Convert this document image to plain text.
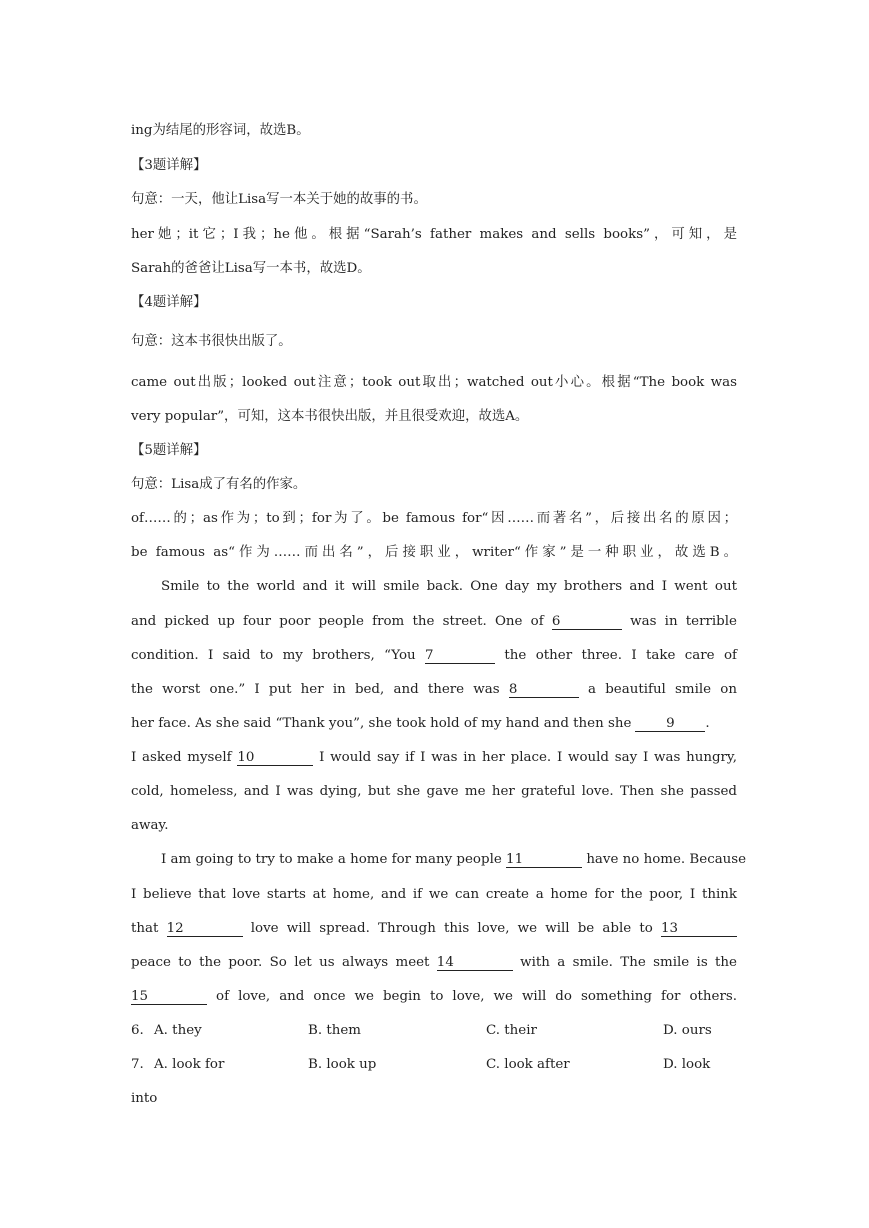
ing为结尾的形容词，故选B。
【3题详解】
句意：一天，他让Lisa写一本关于她的故事的书。
her她；it它；I我；he他。根据“Sarah’s father makes and sells books”，可知，是
Sarah的爸爸让Lisa写一本书，故选D。
【4题详解】
句意：这本书很快出版了。
came out出版；looked out注意；took out取出；watched out小心。根据“The book was
very popular”，可知，这本书很快出版，并且很受欢迎，故选A。
【5题详解】
句意：Lisa成了有名的作家。
of……的；as作为；to到；for为了。be famous for“因……而著名”，后接出名的原因；
be famous as“作为……而出名”，后接职业，writer“作家”是一种职业，故选B。
Smile to the world and it will smile back. One day my brothers and I went out
and picked up four poor people from the street. One of 6	was in terrible
condition. I said to my brothers, “You 7	the other three. I take care of
the worst one.” I put her in bed, and there was 8	a beautiful smile on
her face. As she said “Thank you”, she took hold of my hand and then she	9 .
I asked myself 10	I would say if I was in her place. I would say I was hungry,
cold, homeless, and I was dying, but she gave me her grateful love. Then she passed
away.
I am going to try to make a home for many people 11	have no home. Because
I believe that love starts at home, and if we can create a home for the poor, I think
that 12	love will spread. Through this love, we will be able to 13
peace to the poor. So let us always meet 14	with a smile. The smile is the
15	of love, and once we begin to love, we will do something for others.
6. A. they	B. them	C. their	D. ours
7. A. look for	B. look up	C. look after	D. look
into
